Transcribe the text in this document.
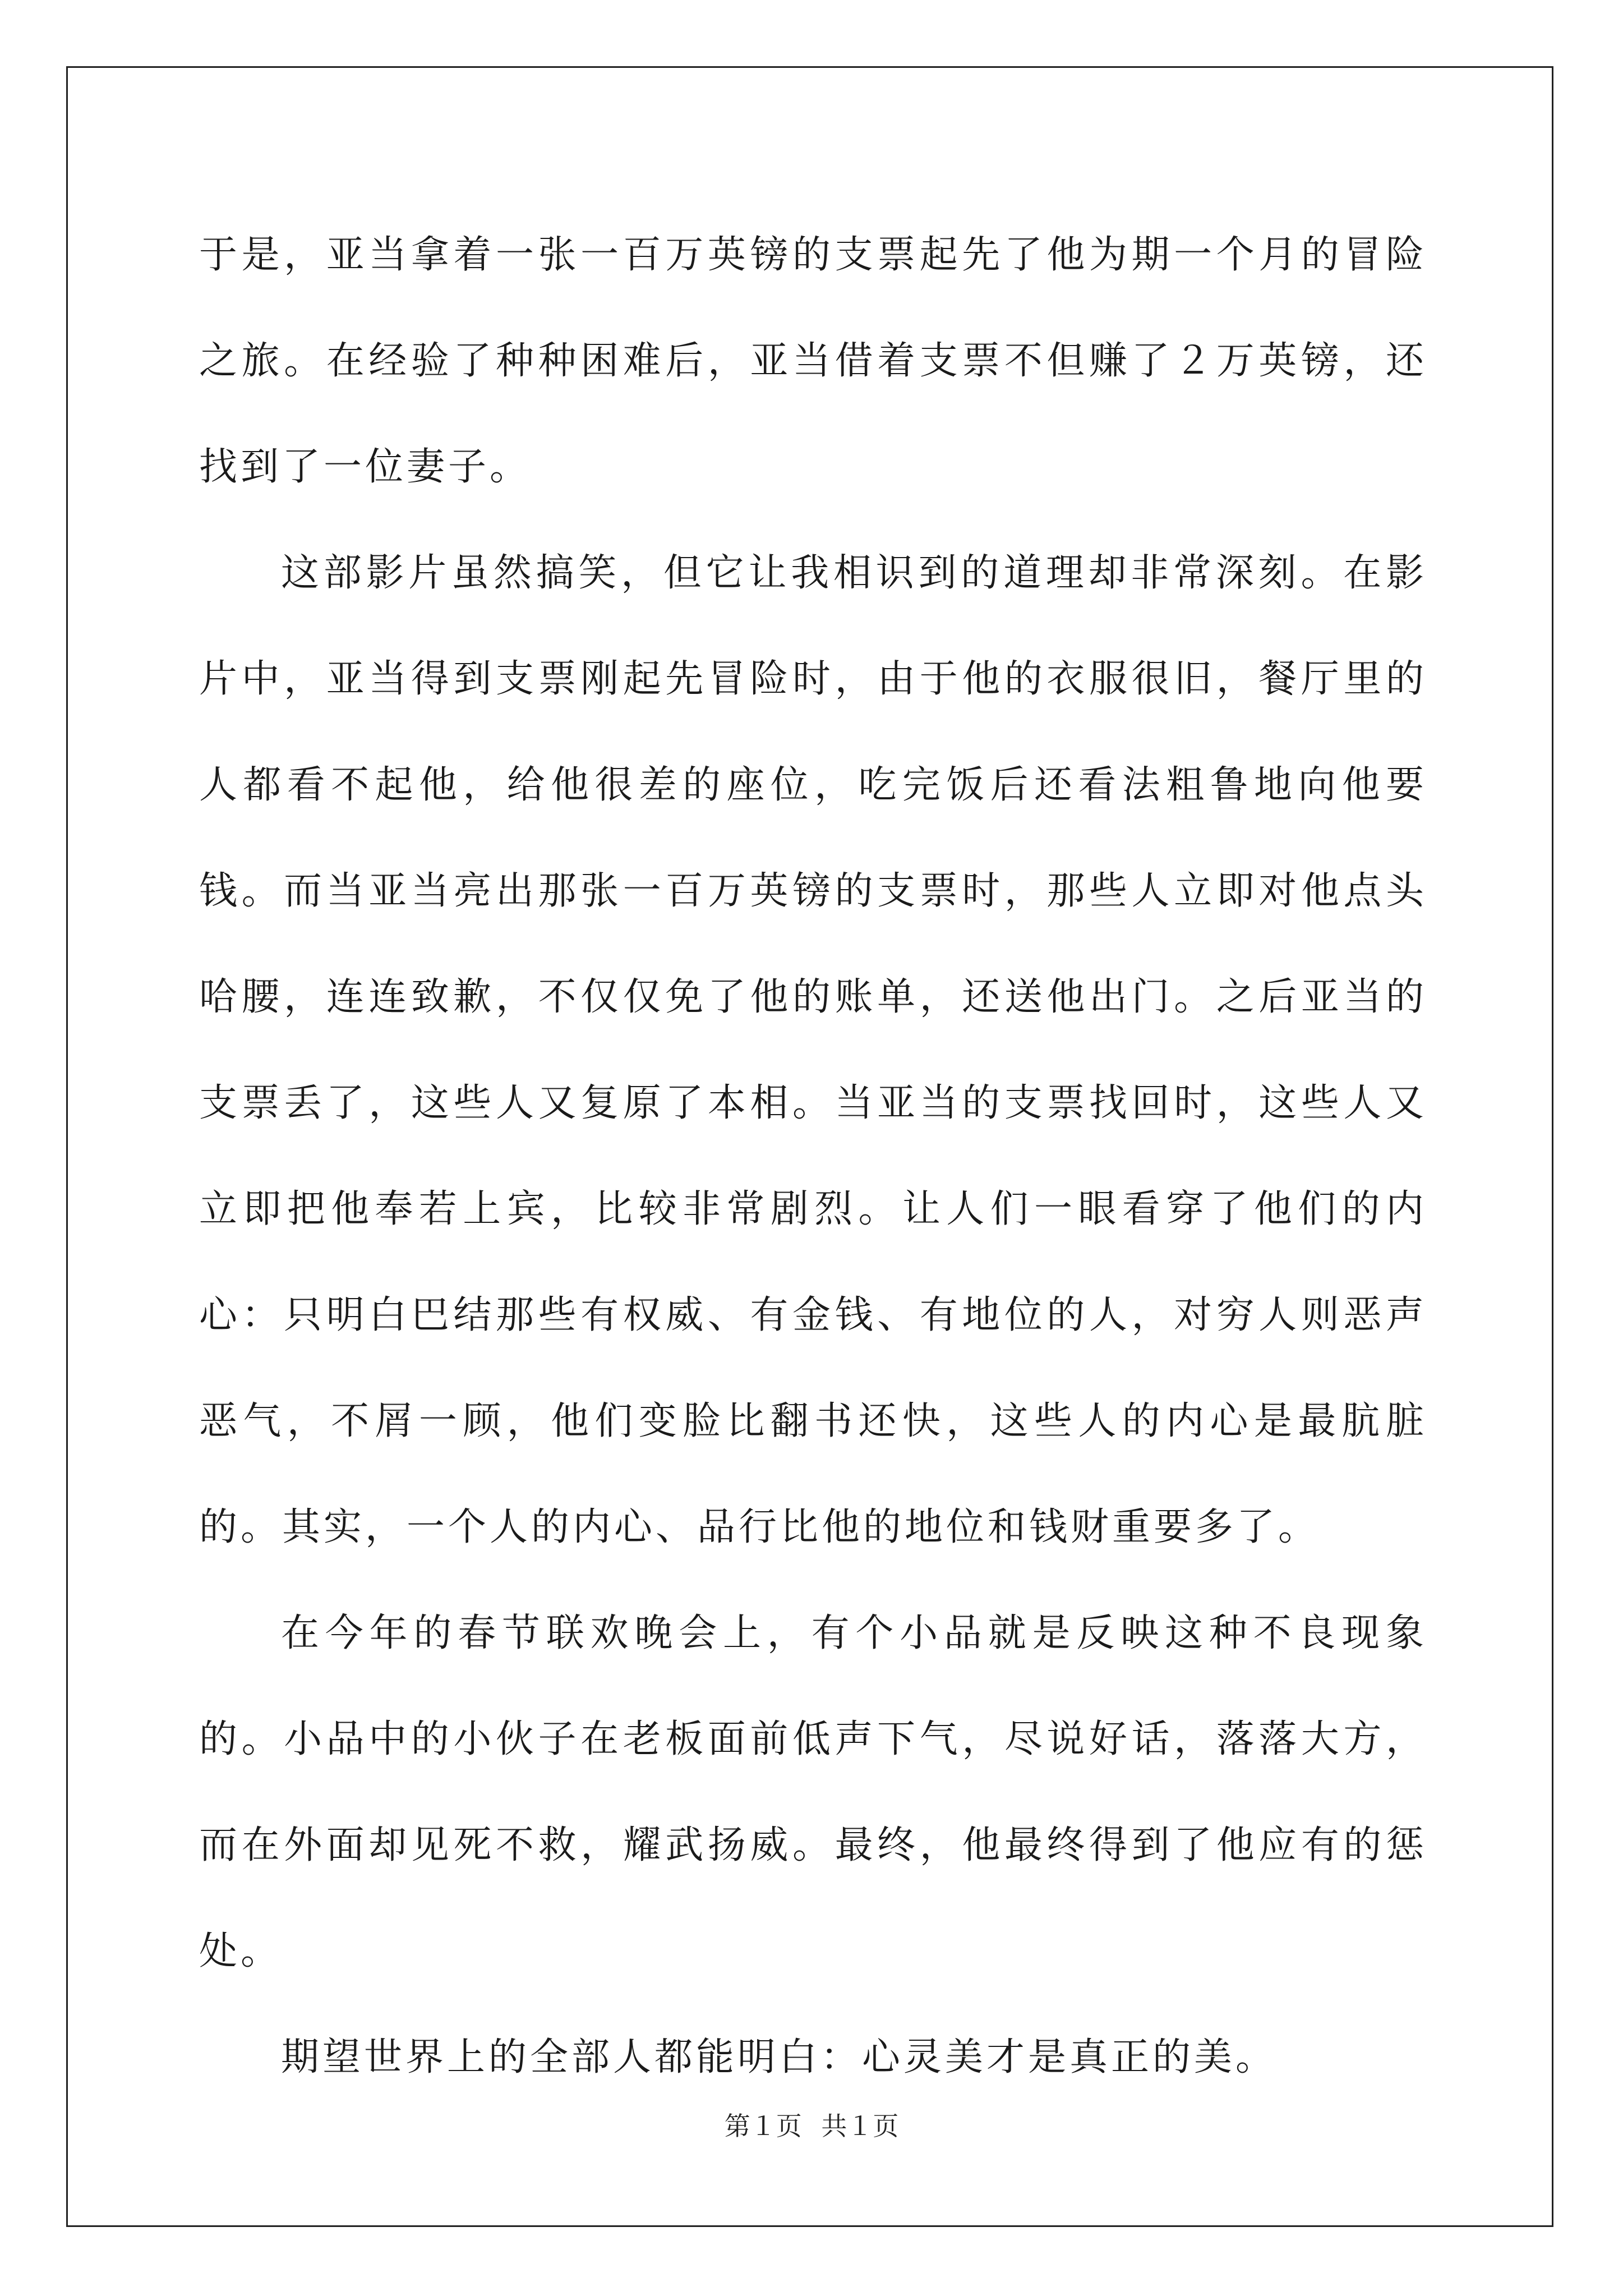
于是，亚当拿着一张一百万英镑的支票起先了他为期一个月的冒险之旅。在经验了种种困难后，亚当借着支票不但赚了２万英镑，还找到了一位妻子。

这部影片虽然搞笑，但它让我相识到的道理却非常深刻。在影片中，亚当得到支票刚起先冒险时，由于他的衣服很旧，餐厅里的人都看不起他，给他很差的座位，吃完饭后还看法粗鲁地向他要钱。而当亚当亮出那张一百万英镑的支票时，那些人立即对他点头哈腰，连连致歉，不仅仅免了他的账单，还送他出门。之后亚当的支票丢了，这些人又复原了本相。当亚当的支票找回时，这些人又立即把他奉若上宾，比较非常剧烈。让人们一眼看穿了他们的内心：只明白巴结那些有权威、有金钱、有地位的人，对穷人则恶声恶气，不屑一顾，他们变脸比翻书还快，这些人的内心是最肮脏的。其实，一个人的内心、品行比他的地位和钱财重要多了。

在今年的春节联欢晚会上，有个小品就是反映这种不良现象的。小品中的小伙子在老板面前低声下气，尽说好话，落落大方，而在外面却见死不救，耀武扬威。最终，他最终得到了他应有的惩处。

期望世界上的全部人都能明白：心灵美才是真正的美。

第１页 共１页
